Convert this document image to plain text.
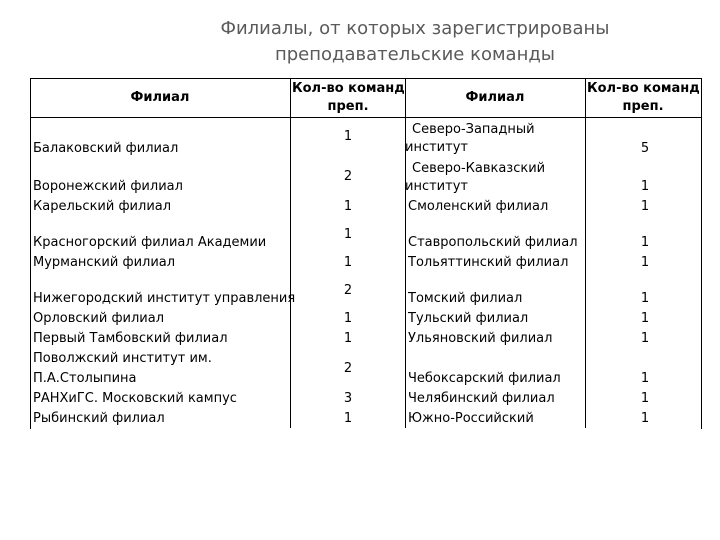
Филиалы, от которых зарегистрированы
преподавательские команды
Филиал
Кол-во команд
преп.
Филиал
Кол-во команд
преп.
Балаковский филиал
Воронежский филиал
Карельский филиал
Красногорский филиал Академии
Мурманский филиал
Нижегородский институт управления
Орловский филиал
Первый Тамбовский филиал
Поволжский институт им.
П.А.Столыпина
РАНХиГС. Московский кампус
Рыбинский филиал
1
2
1
1
1
2
1
1
2
3
1
Северо-Западный
институт
Северо-Кавказский
институт
Смоленский филиал
Ставропольский филиал
Тольяттинский филиал
Томский филиал
Тульский филиал
Ульяновский филиал
Чебоксарский филиал
Челябинский филиал
Южно-Российский
5
1
1
1
1
1
1
1
1
1
1
